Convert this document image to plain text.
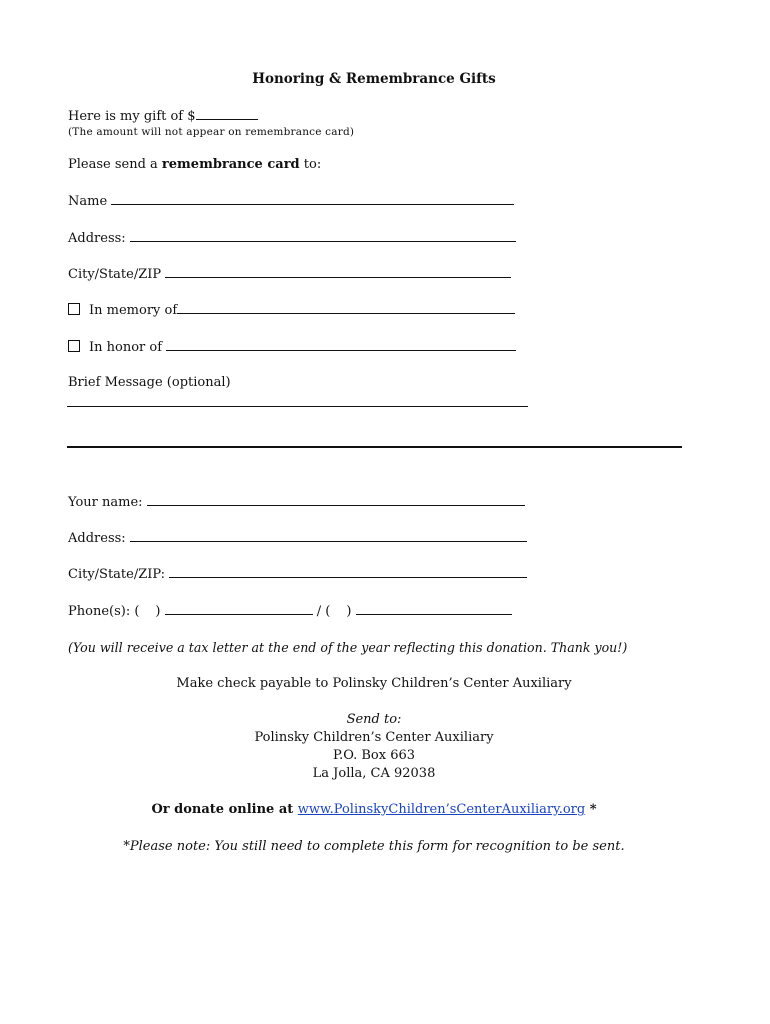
Honoring & Remembrance Gifts
Here is my gift of $
(The amount will not appear on remembrance card)
Please send a remembrance card to:
Name
Address:
City/State/ZIP
In memory of
In honor of
Brief Message (optional)
Your name:
Address:
City/State/ZIP:
Phone(s): ( )	/ ( )
(You will receive a tax letter at the end of the year reflecting this donation. Thank you!)
Make check payable to Polinsky Children’s Center Auxiliary
Send to:
Polinsky Children’s Center Auxiliary
P.O. Box 663
La Jolla, CA 92038
Or donate online at www.PolinskyChildren’sCenterAuxiliary.org *
*Please note: You still need to complete this form for recognition to be sent.
